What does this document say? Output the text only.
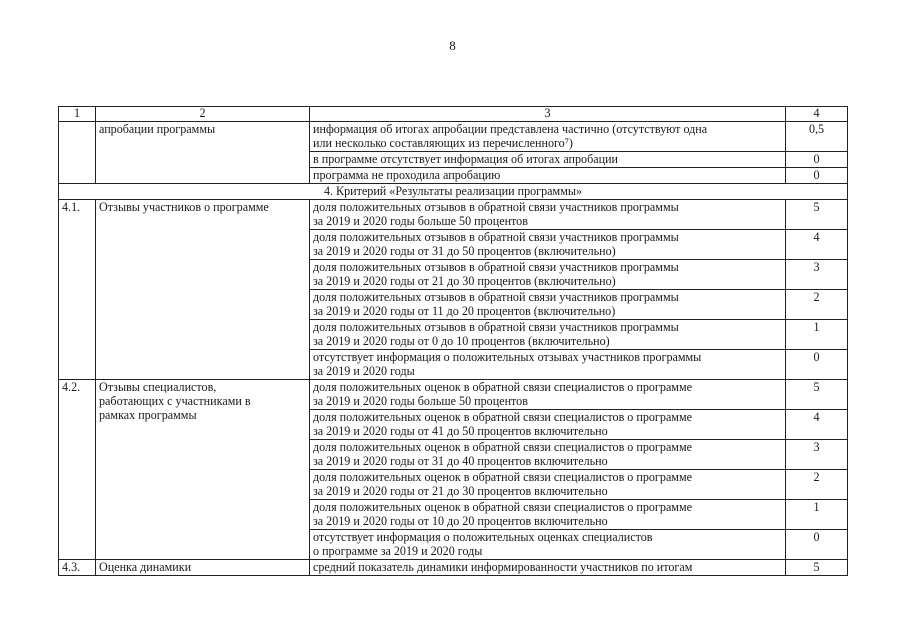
8
1	2	3	4
	апробации программы	информация об итогах апробации представлена частично (отсутствуют одна
или несколько составляющих из перечисленного⁷)	0,5

		в программе отсутствует информация об итогах апробации	0

		программа не проходила апробацию	0
4. Критерий «Результаты реализации программы»			
4.1.	Отзывы участников о программе	доля положительных отзывов в обратной связи участников программы
за 2019 и 2020 годы больше 50 процентов	5

		доля положительных отзывов в обратной связи участников программы
за 2019 и 2020 годы от 31 до 50 процентов (включительно)	4

		доля положительных отзывов в обратной связи участников программы
за 2019 и 2020 годы от 21 до 30 процентов (включительно)	3

		доля положительных отзывов в обратной связи участников программы
за 2019 и 2020 годы от 11 до 20 процентов (включительно)	2

		доля положительных отзывов в обратной связи участников программы
за 2019 и 2020 годы от 0 до 10 процентов (включительно)	1

		отсутствует информация о положительных отзывах участников программы
за 2019 и 2020 годы	0
4.2.	Отзывы специалистов,
работающих с участниками в
рамках программы	доля положительных оценок в обратной связи специалистов о программе
за 2019 и 2020 годы больше 50 процентов	5

		доля положительных оценок в обратной связи специалистов о программе
за 2019 и 2020 годы от 41 до 50 процентов включительно	4

		доля положительных оценок в обратной связи специалистов о программе
за 2019 и 2020 годы от 31 до 40 процентов включительно	3

		доля положительных оценок в обратной связи специалистов о программе
за 2019 и 2020 годы от 21 до 30 процентов включительно	2

		доля положительных оценок в обратной связи специалистов о программе
за 2019 и 2020 годы от 10 до 20 процентов включительно	1

		отсутствует информация о положительных оценках специалистов
о программе за 2019 и 2020 годы	0
4.3.	Оценка динамики	средний показатель динамики информированности участников по итогам	5
